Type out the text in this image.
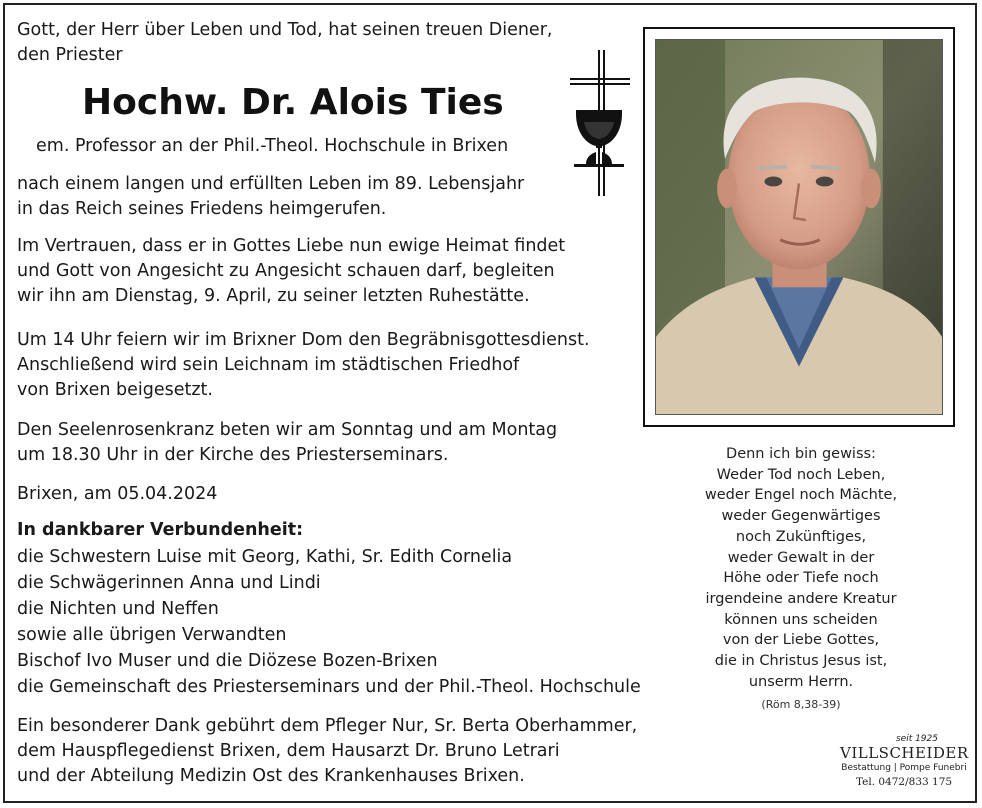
Gott, der Herr über Leben und Tod, hat seinen treuen Diener,
den Priester

Hochw. Dr. Alois Ties

em. Professor an der Phil.-Theol. Hochschule in Brixen

nach einem langen und erfüllten Leben im 89. Lebensjahr
in das Reich seines Friedens heimgerufen.

Im Vertrauen, dass er in Gottes Liebe nun ewige Heimat findet
und Gott von Angesicht zu Angesicht schauen darf, begleiten
wir ihn am Dienstag, 9. April, zu seiner letzten Ruhestätte.

Um 14 Uhr feiern wir im Brixner Dom den Begräbnisgottesdienst.
Anschließend wird sein Leichnam im städtischen Friedhof
von Brixen beigesetzt.

Den Seelenrosenkranz beten wir am Sonntag und am Montag
um 18.30 Uhr in der Kirche des Priesterseminars.

Brixen, am 05.04.2024

In dankbarer Verbundenheit:

die Schwestern Luise mit Georg, Kathi, Sr. Edith Cornelia
die Schwägerinnen Anna und Lindi
die Nichten und Neffen
sowie alle übrigen Verwandten
Bischof Ivo Muser und die Diözese Bozen-Brixen
die Gemeinschaft des Priesterseminars und der Phil.-Theol. Hochschule

Ein besonderer Dank gebührt dem Pfleger Nur, Sr. Berta Oberhammer,
dem Hauspflegedienst Brixen, dem Hausarzt Dr. Bruno Letrari
und der Abteilung Medizin Ost des Krankenhauses Brixen.

Denn ich bin gewiss:
Weder Tod noch Leben,
weder Engel noch Mächte,
weder Gegenwärtiges
noch Zukünftiges,
weder Gewalt in der
Höhe oder Tiefe noch
irgendeine andere Kreatur
können uns scheiden
von der Liebe Gottes,
die in Christus Jesus ist,
unserm Herrn.
(Röm 8,38-39)
seit 1925
VILLSCHEIDER
Bestattung | Pompe Funebri
Tel. 0472/833 175
